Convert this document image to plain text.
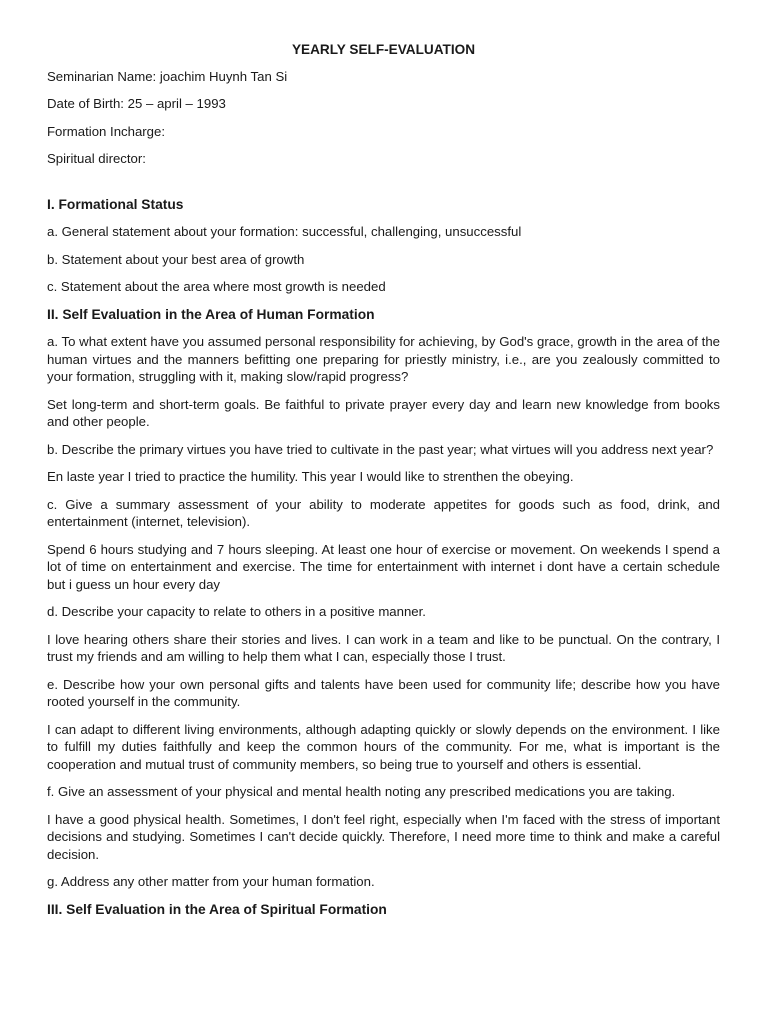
YEARLY SELF-EVALUATION
Seminarian Name: joachim Huynh Tan Si
Date of Birth: 25 – april – 1993
Formation Incharge:
Spiritual director:
I. Formational Status
a. General statement about your formation: successful, challenging, unsuccessful
b. Statement about your best area of growth
c. Statement about the area where most growth is needed
II. Self Evaluation in the Area of Human Formation
a. To what extent have you assumed personal responsibility for achieving, by God's grace, growth in the area of the human virtues and the manners befitting one preparing for priestly ministry, i.e., are you zealously committed to your formation, struggling with it, making slow/rapid progress?
Set long-term and short-term goals. Be faithful to private prayer every day and learn new knowledge from books and other people.
b. Describe the primary virtues you have tried to cultivate in the past year; what virtues will you address next year?
En laste year I tried to practice the humility. This year I would like to strenthen the obeying.
c. Give a summary assessment of your ability to moderate appetites for goods such as food, drink, and entertainment (internet, television).
Spend 6 hours studying and 7 hours sleeping. At least one hour of exercise or movement. On weekends I spend a lot of time on entertainment and exercise. The time for entertainment with internet i dont have a certain schedule but i guess un hour every day
d. Describe your capacity to relate to others in a positive manner.
I love hearing others share their stories and lives. I can work in a team and like to be punctual. On the contrary, I trust my friends and am willing to help them what I can, especially those I trust.
e. Describe how your own personal gifts and talents have been used for community life; describe how you have rooted yourself in the community.
I can adapt to different living environments, although adapting quickly or slowly depends on the environment. I like to fulfill my duties faithfully and keep the common hours of the community. For me, what is important is the cooperation and mutual trust of community members, so being true to yourself and others is essential.
f. Give an assessment of your physical and mental health noting any prescribed medications you are taking.
I have a good physical health. Sometimes, I don't feel right, especially when I'm faced with the stress of important decisions and studying. Sometimes I can't decide quickly. Therefore, I need more time to think and make a careful decision.
g. Address any other matter from your human formation.
III. Self Evaluation in the Area of Spiritual Formation
